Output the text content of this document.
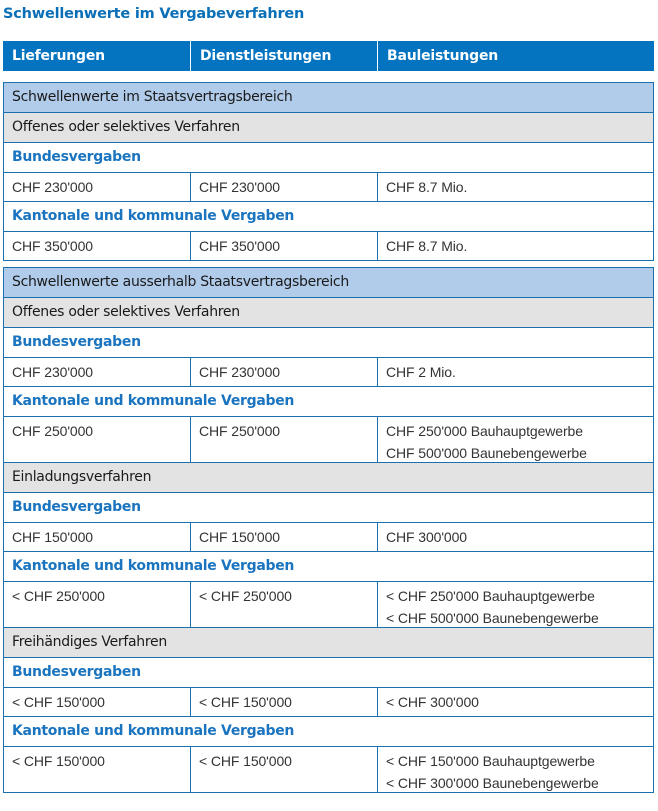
Schwellenwerte im Vergabeverfahren
Lieferungen	Dienstleistungen	Bauleistungen
Schwellenwerte im Staatsvertragsbereich
Offenes oder selektives Verfahren
Bundesvergaben
CHF 230'000	CHF 230'000	CHF 8.7 Mio.
Kantonale und kommunale Vergaben
CHF 350'000	CHF 350'000	CHF 8.7 Mio.
Schwellenwerte ausserhalb Staatsvertragsbereich
Offenes oder selektives Verfahren
Bundesvergaben
CHF 230'000	CHF 230'000	CHF 2 Mio.
Kantonale und kommunale Vergaben
CHF 250'000	CHF 250'000	CHF 250'000 Bauhauptgewerbe
CHF 500'000 Baunebengewerbe
Einladungsverfahren
Bundesvergaben
CHF 150'000	CHF 150'000	CHF 300'000
Kantonale und kommunale Vergaben
< CHF 250'000	< CHF 250'000	< CHF 250'000 Bauhauptgewerbe
< CHF 500'000 Baunebengewerbe
Freihändiges Verfahren
Bundesvergaben
< CHF 150'000	< CHF 150'000	< CHF 300'000
Kantonale und kommunale Vergaben
< CHF 150'000	< CHF 150'000	< CHF 150'000 Bauhauptgewerbe
< CHF 300'000 Baunebengewerbe
